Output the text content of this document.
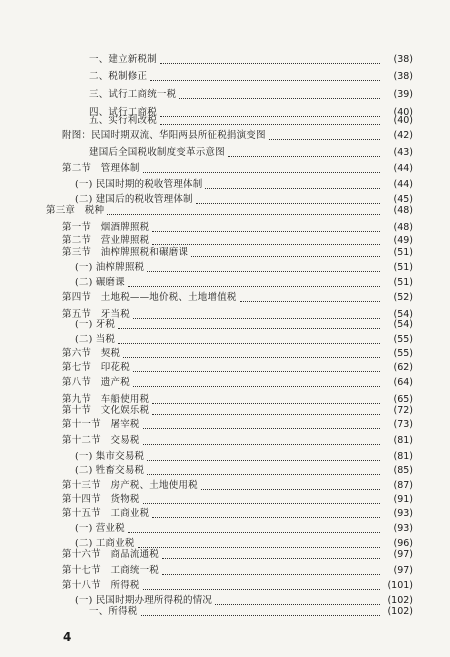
一、建立新税制	(38)
二、税制修正	(38)
三、试行工商统一税	(39)
四、试行工商税	(40)
五、实行利改税	(40)
附图：民国时期双流、华阳两县所征税捐演变图	(42)
建国后全国税收制度变革示意图	(43)
第二节　管理体制	(44)
(一) 民国时期的税收管理体制	(44)
(二) 建国后的税收管理体制	(45)
第三章　税种	(48)
第一节　烟酒牌照税	(48)
第二节　营业牌照税	(49)
第三节　油榨牌照税和碾磨课	(51)
(一) 油榨牌照税	(51)
(二) 碾磨课	(51)
第四节　土地税——地价税、土地增值税	(52)
第五节　牙当税	(54)
(一) 牙税	(54)
(二) 当税	(55)
第六节　契税	(55)
第七节　印花税	(62)
第八节　遗产税	(64)
第九节　车船使用税	(65)
第十节　文化娱乐税	(72)
第十一节　屠宰税	(73)
第十二节　交易税	(81)
(一) 集市交易税	(81)
(二) 牲畜交易税	(85)
第十三节　房产税、土地使用税	(87)
第十四节　货物税	(91)
第十五节　工商业税	(93)
(一) 营业税	(93)
(二) 工商业税	(96)
第十六节　商品流通税	(97)
第十七节　工商统一税	(97)
第十八节　所得税	(101)
(一) 民国时期办理所得税的情况	(102)
一、所得税	(102)
4
